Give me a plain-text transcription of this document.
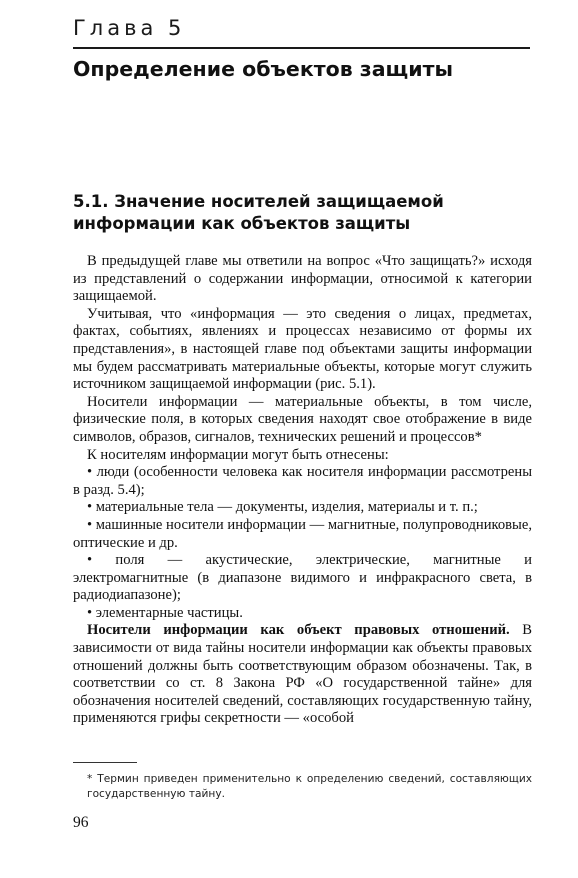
Глава 5
Определение объектов защиты
5.1. Значение носителей защищаемой информации как объектов защиты

В предыдущей главе мы ответили на вопрос «Что защищать?» исходя из представлений о содержании информации, относимой к категории защищаемой.

Учитывая, что «информация — это сведения о лицах, предметах, фактах, событиях, явлениях и процессах независимо от формы их представления», в настоящей главе под объектами защиты информации мы будем рассматривать материальные объекты, которые могут служить источником защищаемой информации (рис. 5.1).

Носители информации — материальные объекты, в том числе, физические поля, в которых сведения находят свое отображение в виде символов, образов, сигналов, технических решений и процессов*

К носителям информации могут быть отнесены:

• люди (особенности человека как носителя информации рассмотрены в разд. 5.4);

• материальные тела — документы, изделия, материалы и т. п.;

• машинные носители информации — магнитные, полупроводниковые, оптические и др.

• поля — акустические, электрические, магнитные и электромагнитные (в диапазоне видимого и инфракрасного света, в радиодиапазоне);

• элементарные частицы.

Носители информации как объект правовых отношений. В зависимости от вида тайны носители информации как объекты правовых отношений должны быть соответствующим образом обозначены. Так, в соответствии со ст. 8 Закона РФ «О государственной тайне» для обозначения носителей сведений, составляющих государственную тайну, применяются грифы секретности — «особой

* Термин приведен применительно к определению сведений, составляющих государственную тайну.
96
